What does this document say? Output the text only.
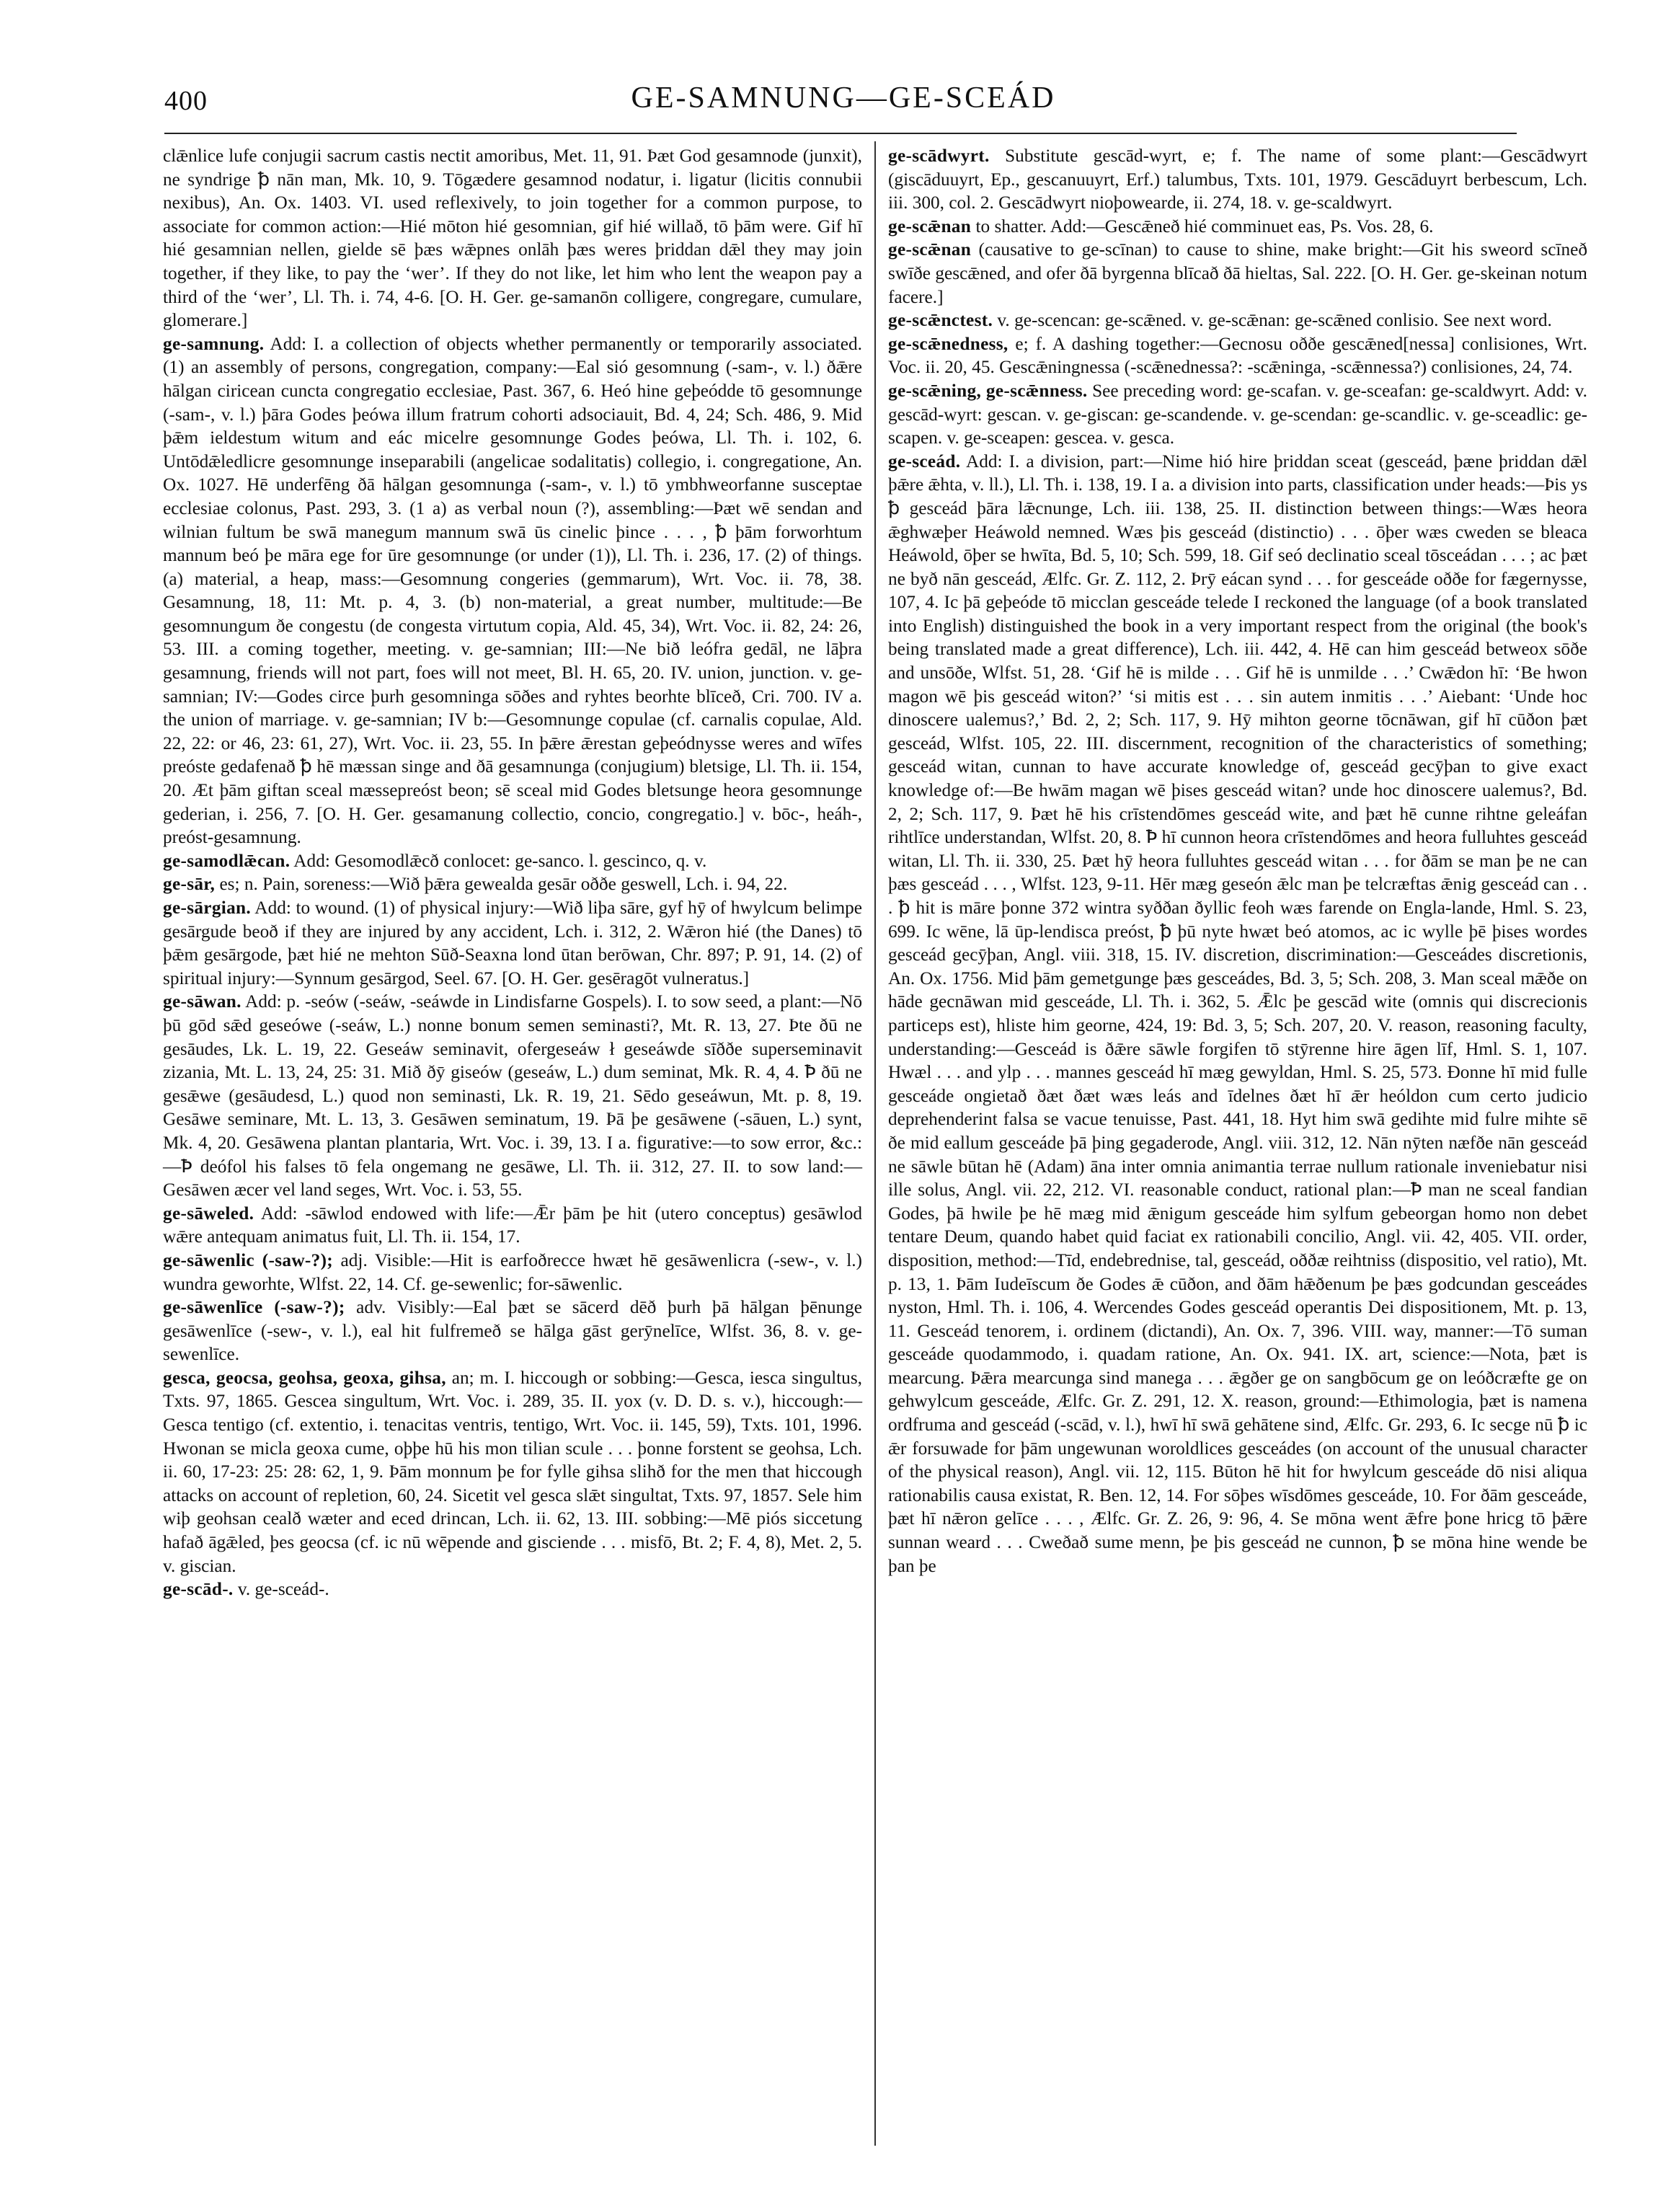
400	GE-SAMNUNG—GE-SCEÁD

clǣnlice lufe conjugii sacrum castis nectit amoribus, Met. 11, 91. Þæt God gesamnode (junxit), ne syndrige ꝥ nān man, Mk. 10, 9. Tōgædere gesamnod nodatur, i. ligatur (licitis connubii nexibus), An. Ox. 1403. VI. used reflexively, to join together for a common purpose, to associate for common action:—Hié mōton hié gesomnian, gif hié willað, tō þām were. Gif hī hié gesamnian nellen, gielde sē þæs wǣpnes onlāh þæs weres þriddan dǣl they may join together, if they like, to pay the ‘wer’. If they do not like, let him who lent the weapon pay a third of the ‘wer’, Ll. Th. i. 74, 4-6. [O. H. Ger. ge-samanōn colligere, congregare, cumulare, glomerare.]

ge-samnung. Add: I. a collection of objects whether permanently or temporarily associated. (1) an assembly of persons, congregation, company:—Eal sió gesomnung (-sam-, v. l.) ðǣre hālgan ciricean cuncta congregatio ecclesiae, Past. 367, 6. Heó hine geþeódde tō gesomnunge (-sam-, v. l.) þāra Godes þeówa illum fratrum cohorti adsociauit, Bd. 4, 24; Sch. 486, 9. Mid þǣm ieldestum witum and eác micelre gesomnunge Godes þeówa, Ll. Th. i. 102, 6. Untōdǣledlicre gesomnunge inseparabili (angelicae sodalitatis) collegio, i. congregatione, An. Ox. 1027. Hē underfēng ðā hālgan gesomnunga (-sam-, v. l.) tō ymbhweorfanne susceptae ecclesiae colonus, Past. 293, 3. (1 a) as verbal noun (?), assembling:—Þæt wē sendan and wilnian fultum be swā manegum mannum swā ūs cinelic þince . . . , ꝥ þām forworhtum mannum beó þe māra ege for ūre gesomnunge (or under (1)), Ll. Th. i. 236, 17. (2) of things. (a) material, a heap, mass:—Gesomnung congeries (gemmarum), Wrt. Voc. ii. 78, 38. Gesamnung, 18, 11: Mt. p. 4, 3. (b) non-material, a great number, multitude:—Be gesomnungum ðe congestu (de congesta virtutum copia, Ald. 45, 34), Wrt. Voc. ii. 82, 24: 26, 53. III. a coming together, meeting. v. ge-samnian; III:—Ne bið leófra gedāl, ne lāþra gesamnung, friends will not part, foes will not meet, Bl. H. 65, 20. IV. union, junction. v. ge-samnian; IV:—Godes circe þurh gesomninga sōðes and ryhtes beorhte blīceð, Cri. 700. IV a. the union of marriage. v. ge-samnian; IV b:—Gesomnunge copulae (cf. carnalis copulae, Ald. 22, 22: or 46, 23: 61, 27), Wrt. Voc. ii. 23, 55. In þǣre ǣrestan geþeódnysse weres and wīfes preóste gedafenað ꝥ hē mæssan singe and ðā gesamnunga (conjugium) bletsige, Ll. Th. ii. 154, 20. Æt þām giftan sceal mæssepreóst beon; sē sceal mid Godes bletsunge heora gesomnunge gederian, i. 256, 7. [O. H. Ger. gesamanung collectio, concio, congregatio.] v. bōc-, heáh-, preóst-gesamnung.

ge-samodlǣcan. Add: Gesomodlǣcð conlocet: ge-sanco. l. gescinco, q. v.

ge-sār, es; n. Pain, soreness:—Wið þǣra gewealda gesār oððe geswell, Lch. i. 94, 22.

ge-sārgian. Add: to wound. (1) of physical injury:—Wið liþa sāre, gyf hȳ of hwylcum belimpe gesārgude beoð if they are injured by any accident, Lch. i. 312, 2. Wǣron hié (the Danes) tō þǣm gesārgode, þæt hié ne mehton Sūð-Seaxna lond ūtan berōwan, Chr. 897; P. 91, 14. (2) of spiritual injury:—Synnum gesārgod, Seel. 67. [O. H. Ger. gesēragōt vulneratus.]

ge-sāwan. Add: p. -seów (-seáw, -seáwde in Lindisfarne Gospels). I. to sow seed, a plant:—Nō þū gōd sǣd geseówe (-seáw, L.) nonne bonum semen seminasti?, Mt. R. 13, 27. Þte ðū ne gesāudes, Lk. L. 19, 22. Geseáw seminavit, ofergeseáw ł geseáwde sīððe superseminavit zizania, Mt. L. 13, 24, 25: 31. Mið ðȳ giseów (geseáw, L.) dum seminat, Mk. R. 4, 4. Ꝥ ðū ne gesǣwe (gesāudesd, L.) quod non seminasti, Lk. R. 19, 21. Sēdo geseáwun, Mt. p. 8, 19. Gesāwe seminare, Mt. L. 13, 3. Gesāwen seminatum, 19. Þā þe gesāwene (-sāuen, L.) synt, Mk. 4, 20. Gesāwena plantan plantaria, Wrt. Voc. i. 39, 13. I a. figurative:—to sow error, &c.:—Ꝥ deófol his falses tō fela ongemang ne gesāwe, Ll. Th. ii. 312, 27. II. to sow land:—Gesāwen æcer vel land seges, Wrt. Voc. i. 53, 55.

ge-sāweled. Add: -sāwlod endowed with life:—Ǣr þām þe hit (utero conceptus) gesāwlod wǣre antequam animatus fuit, Ll. Th. ii. 154, 17.

ge-sāwenlic (-saw-?); adj. Visible:—Hit is earfoðrecce hwæt hē gesāwenlicra (-sew-, v. l.) wundra geworhte, Wlfst. 22, 14. Cf. ge-sewenlic; for-sāwenlic.

ge-sāwenlīce (-saw-?); adv. Visibly:—Eal þæt se sācerd dēð þurh þā hālgan þēnunge gesāwenlīce (-sew-, v. l.), eal hit fulfremeð se hālga gāst gerȳnelīce, Wlfst. 36, 8. v. ge-sewenlīce.

gesca, geocsa, geohsa, geoxa, gihsa, an; m. I. hiccough or sobbing:—Gesca, iesca singultus, Txts. 97, 1865. Gescea singultum, Wrt. Voc. i. 289, 35. II. yox (v. D. D. s. v.), hiccough:—Gesca tentigo (cf. extentio, i. tenacitas ventris, tentigo, Wrt. Voc. ii. 145, 59), Txts. 101, 1996. Hwonan se micla geoxa cume, oþþe hū his mon tilian scule . . . þonne forstent se geohsa, Lch. ii. 60, 17-23: 25: 28: 62, 1, 9. Þām monnum þe for fylle gihsa slihð for the men that hiccough attacks on account of repletion, 60, 24. Sicetit vel gesca slǣt singultat, Txts. 97, 1857. Sele him wiþ geohsan cealð wæter and eced drincan, Lch. ii. 62, 13. III. sobbing:—Mē piós siccetung hafað āgǣled, þes geocsa (cf. ic nū wēpende and gisciende . . . misfō, Bt. 2; F. 4, 8), Met. 2, 5. v. giscian.

ge-scād-. v. ge-sceád-.

ge-scādwyrt. Substitute gescād-wyrt, e; f. The name of some plant:—Gescādwyrt (giscāduuyrt, Ep., gescanuuyrt, Erf.) talumbus, Txts. 101, 1979. Gescāduyrt berbescum, Lch. iii. 300, col. 2. Gescādwyrt nioþoweardе, ii. 274, 18. v. ge-scaldwyrt.

ge-scǣnan to shatter. Add:—Gescǣneð hié comminuet eas, Ps. Vos. 28, 6.

ge-scǣnan (causative to ge-scīnan) to cause to shine, make bright:—Git his sweord scīneð swīðe gescǣned, and ofer ðā byrgenna blīcað ðā hieltas, Sal. 222. [O. H. Ger. ge-skeinan notum facere.]

ge-scǣnctest. v. ge-scencan: ge-scǣned. v. ge-scǣnan: ge-scǣned conlisio. See next word.

ge-scǣnedness, e; f. A dashing together:—Gecnosu oððe gescǣned[nessa] conlisiones, Wrt. Voc. ii. 20, 45. Gescǣningnessa (-scǣnednessa?: -scǣninga, -scǣnnessa?) conlisiones, 24, 74.

ge-scǣning, ge-scǣnness. See preceding word: ge-scafan. v. ge-sceafan: ge-scaldwyrt. Add: v. gescād-wyrt: gescan. v. ge-giscan: ge-scandende. v. ge-scendan: ge-scandlic. v. ge-sceadlic: ge-scapen. v. ge-sceapen: gescea. v. gesca.

ge-sceád. Add: I. a division, part:—Nime hió hire þriddan sceat (gesceád, þæne þriddan dǣl þǣre ǣhta, v. ll.), Ll. Th. i. 138, 19. I a. a division into parts, classification under heads:—Þis ys ꝥ gesceád þāra lǣcnunge, Lch. iii. 138, 25. II. distinction between things:—Wæs heora ǣghwæþer Heáwold nemned. Wæs þis gesceád (distinctio) . . . ōþer wæs cweden se bleaca Heáwold, ōþer se hwīta, Bd. 5, 10; Sch. 599, 18. Gif seó declinatio sceal tōsceádan . . . ; ac þæt ne byð nān gesceád, Ælfc. Gr. Z. 112, 2. Þrȳ eácan synd . . . for gesceáde oððe for fægernysse, 107, 4. Ic þā geþeóde tō micclan gesceáde telede I reckoned the language (of a book translated into English) distinguished the book in a very important respect from the original (the book's being translated made a great difference), Lch. iii. 442, 4. Hē can him gesceád betweox sōðe and unsōðe, Wlfst. 51, 28. ‘Gif hē is milde . . . Gif hē is unmilde . . .’ Cwǣdon hī: ‘Be hwon magon wē þis gesceád witon?’ ‘si mitis est . . . sin autem inmitis . . .’ Aiebant: ‘Unde hoc dinoscere ualemus?,’ Bd. 2, 2; Sch. 117, 9. Hȳ mihton georne tōcnāwan, gif hī cūðon þæt gesceád, Wlfst. 105, 22. III. discernment, recognition of the characteristics of something; gesceád witan, cunnan to have accurate knowledge of, gesceád gecȳþan to give exact knowledge of:—Be hwām magan wē þises gesceád witan? unde hoc dinoscere ualemus?, Bd. 2, 2; Sch. 117, 9. Þæt hē his crīstendōmes gesceád wite, and þæt hē cunne rihtne geleáfan rihtlīce understandan, Wlfst. 20, 8. Ꝥ hī cunnon heora crīstendōmes and heora fulluhtes gesceád witan, Ll. Th. ii. 330, 25. Þæt hȳ heora fulluhtes gesceád witan . . . for ðām se man þe ne can þæs gesceád . . . , Wlfst. 123, 9-11. Hēr mæg geseón ǣlc man þe telcræftas ǣnig gesceád can . . . ꝥ hit is māre þonne 372 wintra syððan ðyllic feoh wæs farende on Engla-lande, Hml. S. 23, 699. Ic wēne, lā ūp-lendisca preóst, ꝥ þū nyte hwæt beó atomos, ac ic wylle þē þises wordes gesceád gecȳþan, Angl. viii. 318, 15. IV. discretion, discrimination:—Gesceádes discretionis, An. Ox. 1756. Mid þām gemetgunge þæs gesceádes, Bd. 3, 5; Sch. 208, 3. Man sceal mǣðe on hāde gecnāwan mid gesceáde, Ll. Th. i. 362, 5. Ǣlc þe gescād wite (omnis qui discrecionis particeps est), hliste him georne, 424, 19: Bd. 3, 5; Sch. 207, 20. V. reason, reasoning faculty, understanding:—Gesceád is ðǣre sāwle forgifen tō stȳrenne hire āgen līf, Hml. S. 1, 107. Hwæl . . . and ylp . . . mannes gesceád hī mæg gewyldan, Hml. S. 25, 573. Ðonne hī mid fulle gesceáde ongietað ðæt ðæt wæs leás and īdelnes ðæt hī ǣr heóldon cum certo judicio deprehenderint falsa se vacue tenuisse, Past. 441, 18. Hyt him swā gedihte mid fulre mihte sē ðe mid eallum gesceáde þā þing gegaderode, Angl. viii. 312, 12. Nān nȳten næfðe nān gesceád ne sāwle būtan hē (Adam) āna inter omnia animantia terrae nullum rationale inveniebatur nisi ille solus, Angl. vii. 22, 212. VI. reasonable conduct, rational plan:—Ꝥ man ne sceal fandian Godes, þā hwile þe hē mæg mid ǣnigum gesceáde him sylfum gebeorgan homo non debet tentare Deum, quando habet quid faciat ex rationabili concilio, Angl. vii. 42, 405. VII. order, disposition, method:—Tīd, endebrednise, tal, gesceád, oððæ reihtniss (dispositio, vel ratio), Mt. p. 13, 1. Þām Iudeīscum ðe Godes ǣ cūðon, and ðām hǣðenum þe þæs godcundan gesceádes nyston, Hml. Th. i. 106, 4. Wercendes Godes gesceád operantis Dei dispositionem, Mt. p. 13, 11. Gesceád tenorem, i. ordinem (dictandi), An. Ox. 7, 396. VIII. way, manner:—Tō suman gesceáde quodammodo, i. quadam ratione, An. Ox. 941. IX. art, science:—Nota, þæt is mearcung. Þǣra mearcunga sind manega . . . ǣgðer ge on sangbōcum ge on leóðcræfte ge on gehwylcum gesceáde, Ælfc. Gr. Z. 291, 12. X. reason, ground:—Ethimologia, þæt is namena ordfruma and gesceád (-scād, v. l.), hwī hī swā gehātene sind, Ælfc. Gr. 293, 6. Ic secge nū ꝥ ic ǣr forsuwade for þām ungewunan woroldlices gesceádes (on account of the unusual character of the physical reason), Angl. vii. 12, 115. Būton hē hit for hwylcum gesceáde dō nisi aliqua rationabilis causa existat, R. Ben. 12, 14. For sōþes wīsdōmes gesceáde, 10. For ðām gesceáde, þæt hī nǣron gelīce . . . , Ælfc. Gr. Z. 26, 9: 96, 4. Se mōna went ǣfre þone hricg tō þǣre sunnan weard . . . Cweðað sume menn, þe þis gesceád ne cunnon, ꝥ se mōna hine wende be þan þe
